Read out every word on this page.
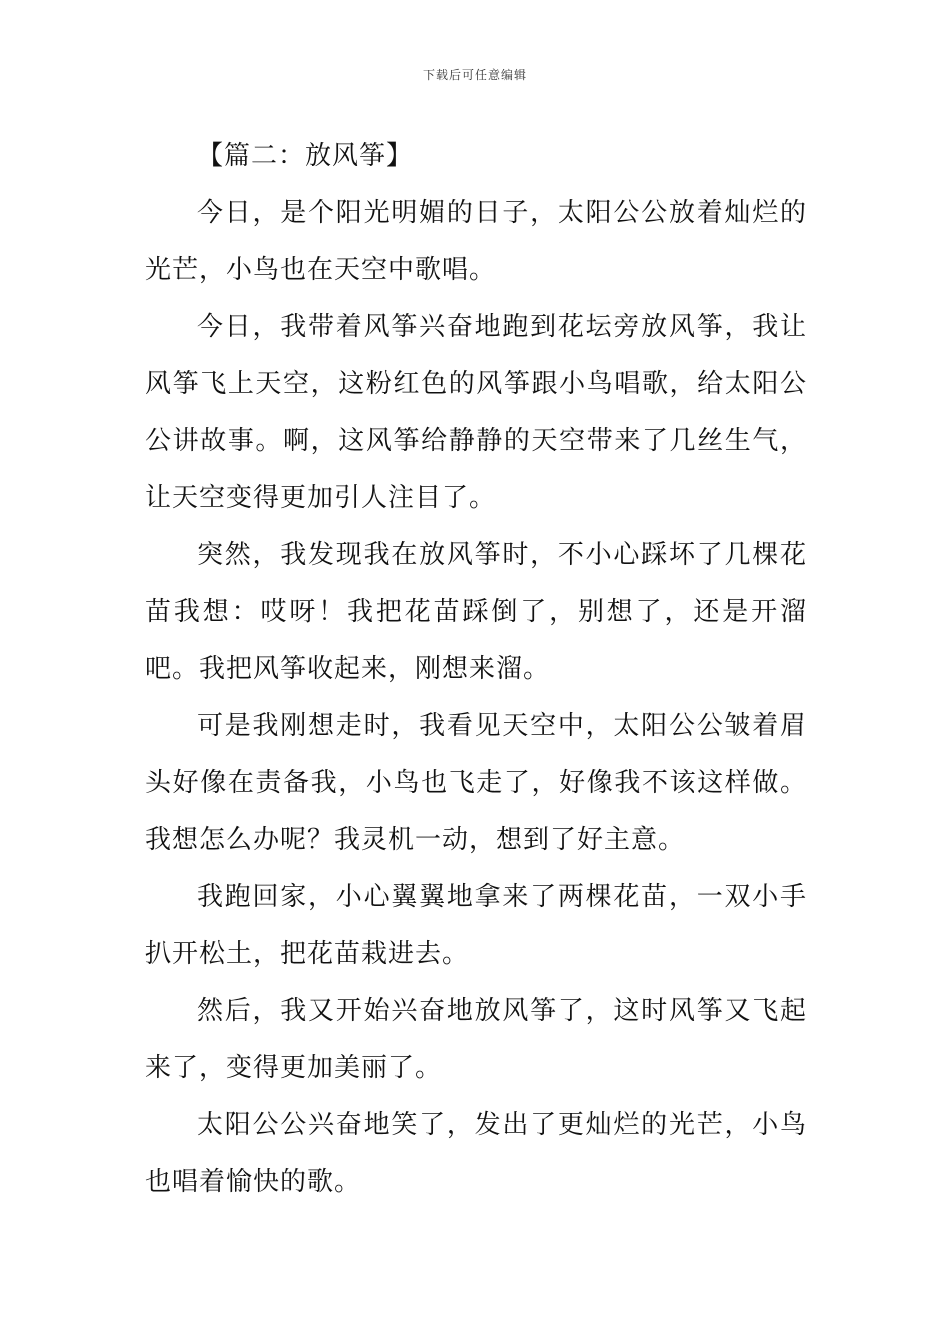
下载后可任意编辑

【篇二：放风筝】

今日，是个阳光明媚的日子，太阳公公放着灿烂的光芒，小鸟也在天空中歌唱。

今日，我带着风筝兴奋地跑到花坛旁放风筝，我让风筝飞上天空，这粉红色的风筝跟小鸟唱歌，给太阳公公讲故事。啊，这风筝给静静的天空带来了几丝生气，让天空变得更加引人注目了。

突然，我发现我在放风筝时，不小心踩坏了几棵花苗我想：哎呀！我把花苗踩倒了，别想了，还是开溜吧。我把风筝收起来，刚想来溜。

可是我刚想走时，我看见天空中，太阳公公皱着眉头好像在责备我，小鸟也飞走了，好像我不该这样做。我想怎么办呢？我灵机一动，想到了好主意。

我跑回家，小心翼翼地拿来了两棵花苗，一双小手扒开松土，把花苗栽进去。

然后，我又开始兴奋地放风筝了，这时风筝又飞起来了，变得更加美丽了。

太阳公公兴奋地笑了，发出了更灿烂的光芒，小鸟也唱着愉快的歌。
